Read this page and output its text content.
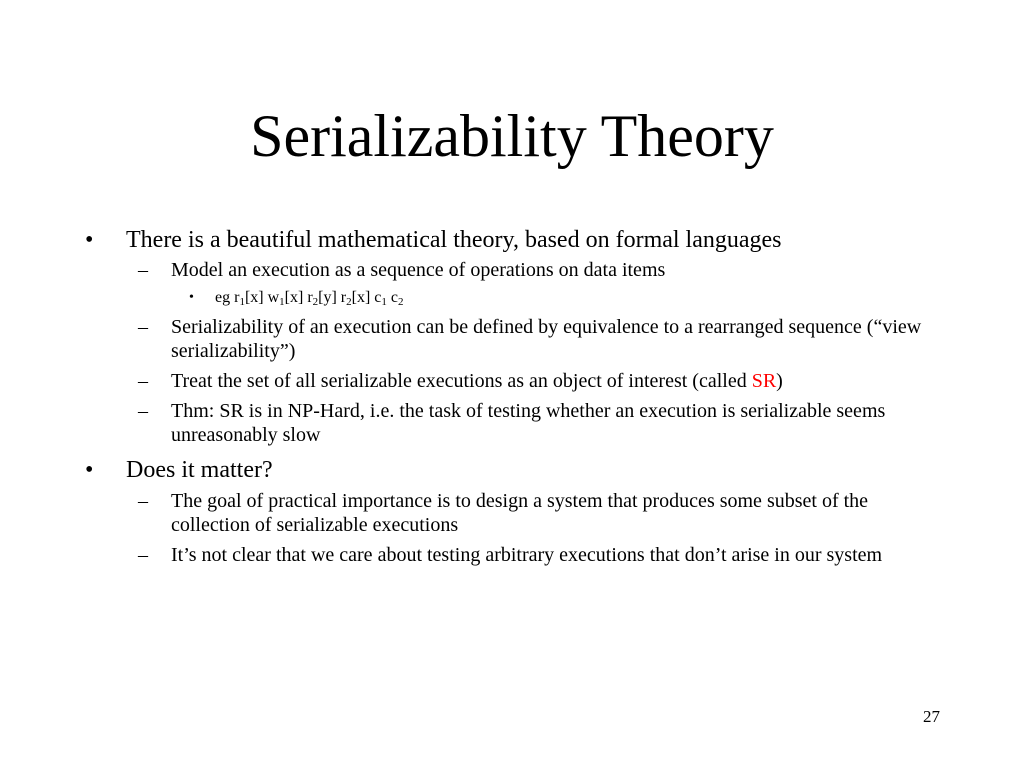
Serializability Theory
• There is a beautiful mathematical theory, based on formal languages
– Model an execution as a sequence of operations on data items
• eg $r_1[x]$ $w_1[x]$ $r_2[y]$ $r_2[x]$ $c_1$ $c_2$
– Serializability of an execution can be defined by equivalence to a rearranged sequence (“view serializability”)
– Treat the set of all serializable executions as an object of interest (called SR)
– Thm: SR is in NP-Hard, i.e. the task of testing whether an execution is serializable seems unreasonably slow
• Does it matter?
– The goal of practical importance is to design a system that produces some subset of the collection of serializable executions
– It’s not clear that we care about testing arbitrary executions that don’t arise in our system
27
